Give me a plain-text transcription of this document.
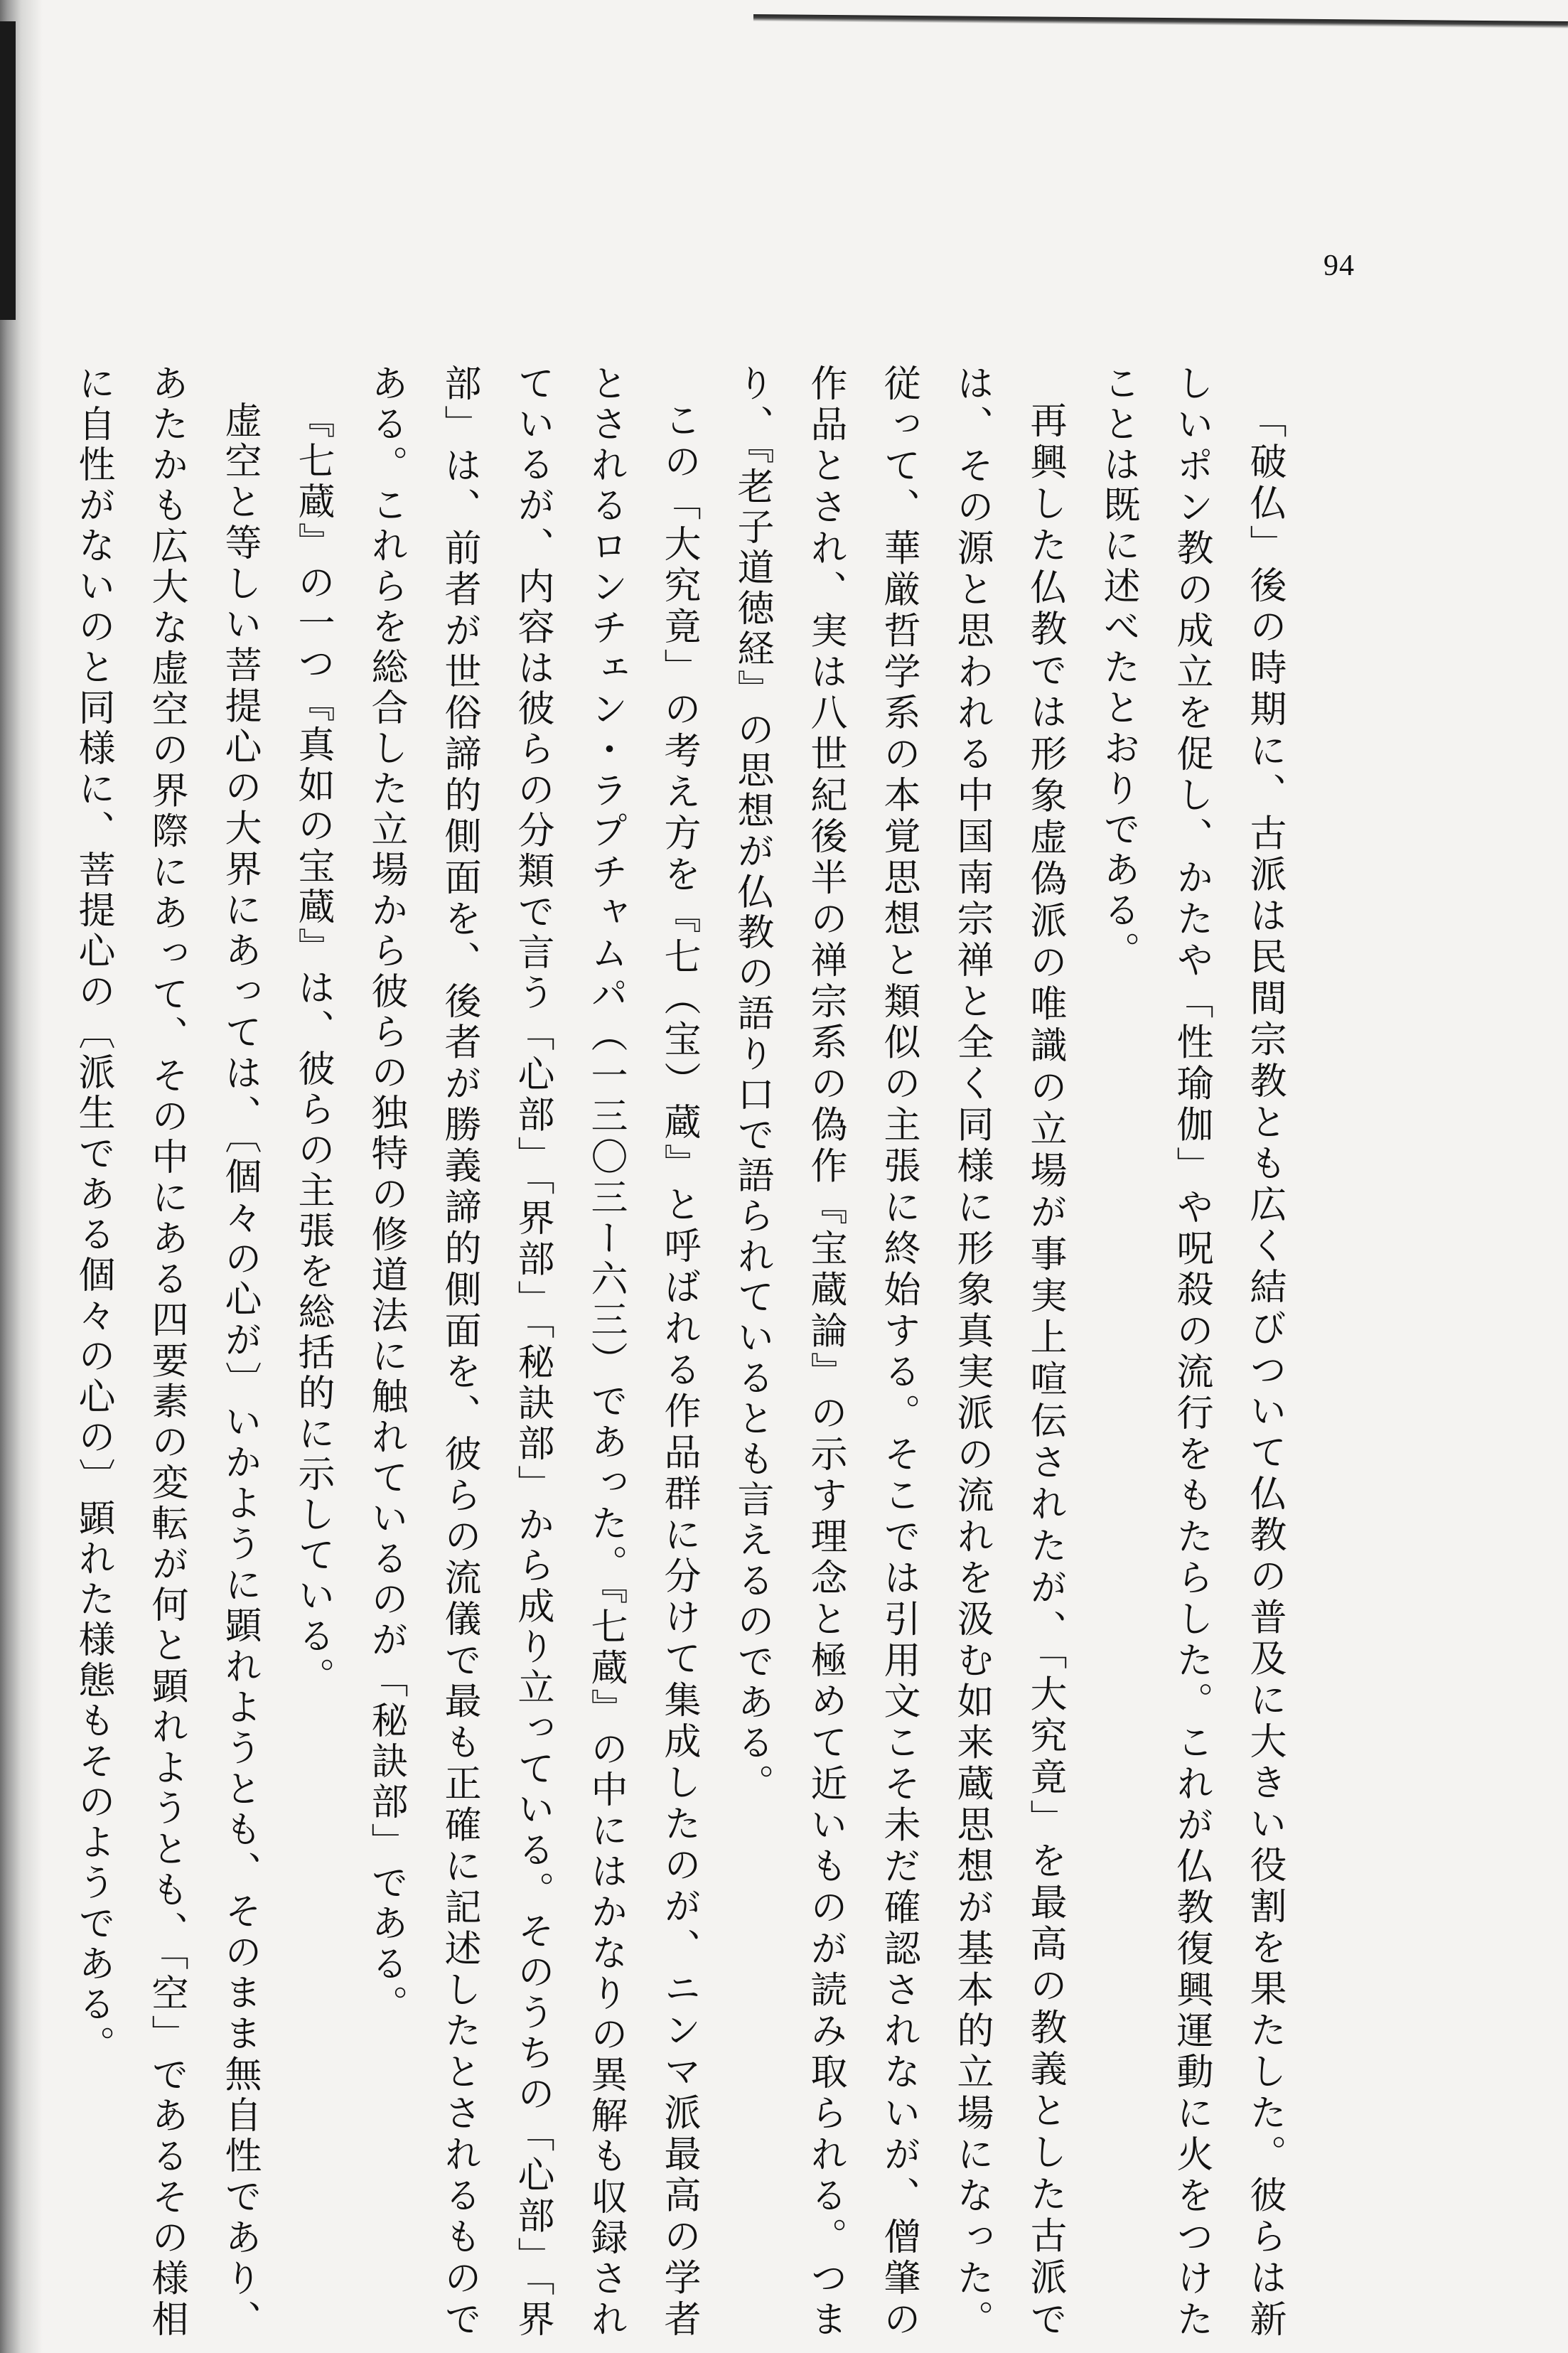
94

「破仏」後の時期に、古派は民間宗教とも広く結びついて仏教の普及に大きい役割を果たした。彼らは新しいポン教の成立を促し、かたや「性瑜伽」や呪殺の流行をもたらした。これが仏教復興運動に火をつけたことは既に述べたとおりである。

再興した仏教では形象虚偽派の唯識の立場が事実上喧伝されたが、「大究竟」を最高の教義とした古派では、その源と思われる中国南宗禅と全く同様に形象真実派の流れを汲む如来蔵思想が基本的立場になった。従って、華厳哲学系の本覚思想と類似の主張に終始する。そこでは引用文こそ未だ確認されないが、僧肇の作品とされ、実は八世紀後半の禅宗系の偽作『宝蔵論』の示す理念と極めて近いものが読み取られる。つまり、『老子道徳経』の思想が仏教の語り口で語られているとも言えるのである。

この「大究竟」の考え方を『七（宝）蔵』と呼ばれる作品群に分けて集成したのが、ニンマ派最高の学者とされるロンチェン・ラプチャムパ（一三〇三ー六三）であった。『七蔵』の中にはかなりの異解も収録されているが、内容は彼らの分類で言う「心部」「界部」「秘訣部」から成り立っている。そのうちの「心部」「界部」は、前者が世俗諦的側面を、後者が勝義諦的側面を、彼らの流儀で最も正確に記述したとされるものである。これらを総合した立場から彼らの独特の修道法に触れているのが「秘訣部」である。

『七蔵』の一つ『真如の宝蔵』は、彼らの主張を総括的に示している。

虚空と等しい菩提心の大界にあっては、〔個々の心が〕いかように顕れようとも、そのまま無自性であり、あたかも広大な虚空の界際にあって、その中にある四要素の変転が何と顕れようとも、「空」であるその様相に自性がないのと同様に、菩提心の〔派生である個々の心の〕顕れた様態もそのようである。
